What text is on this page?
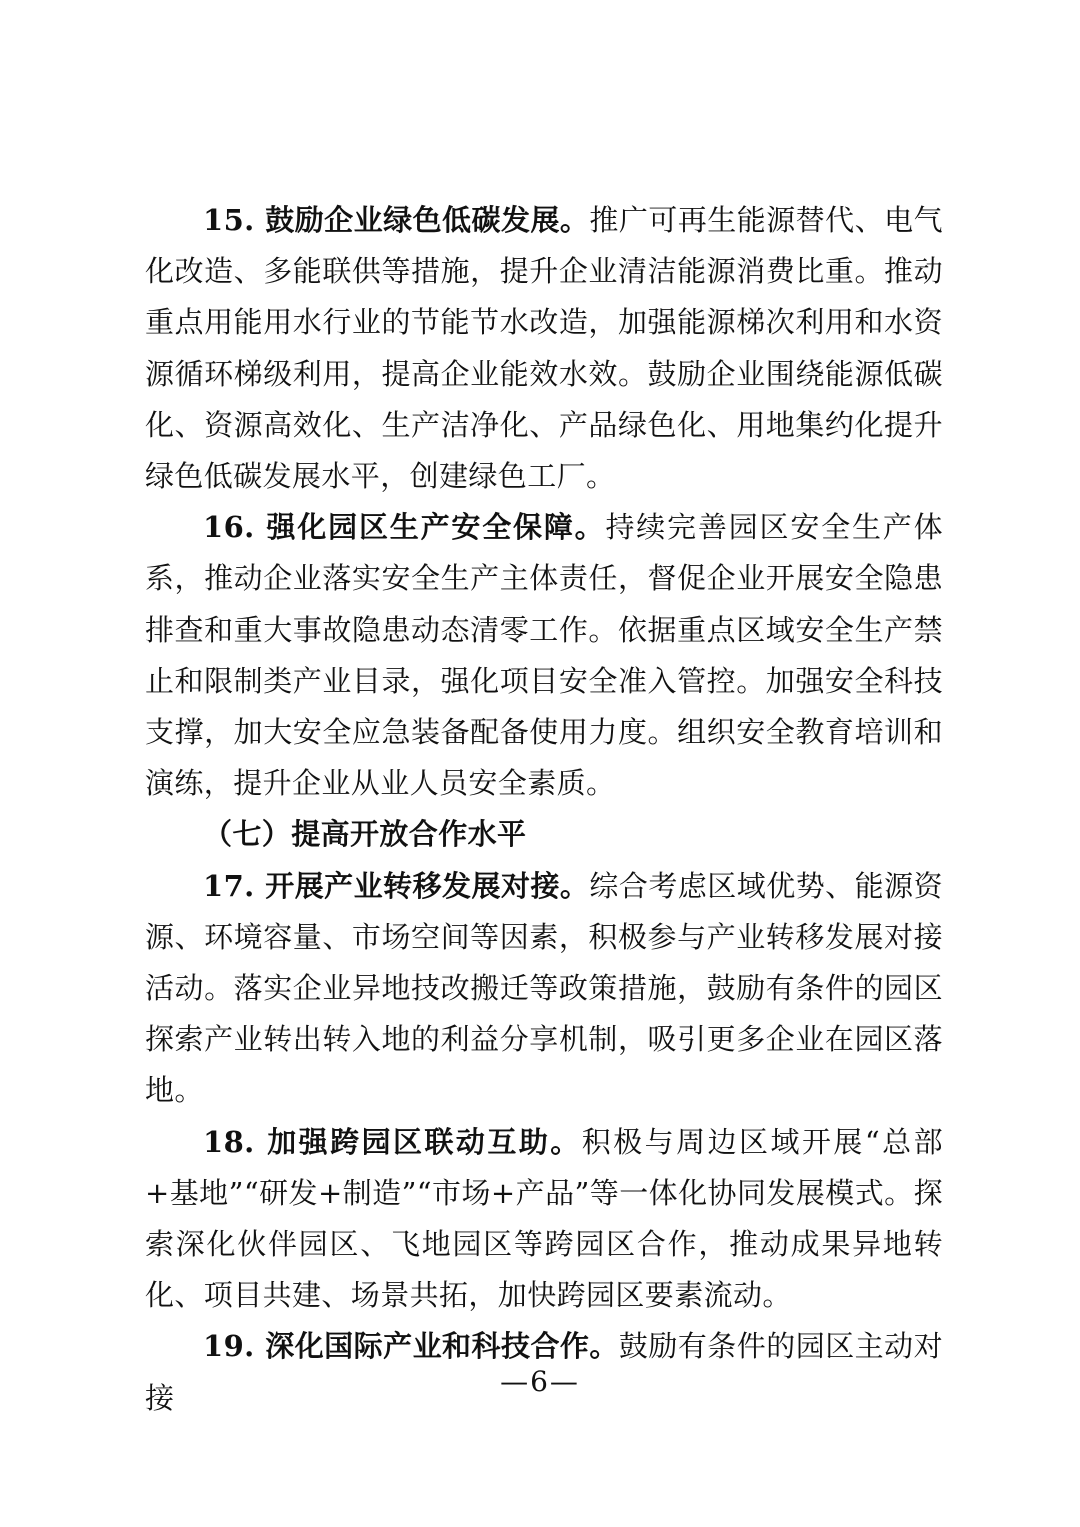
15. 鼓励企业绿色低碳发展。推广可再生能源替代、电气化改造、多能联供等措施，提升企业清洁能源消费比重。推动重点用能用水行业的节能节水改造，加强能源梯次利用和水资源循环梯级利用，提高企业能效水效。鼓励企业围绕能源低碳化、资源高效化、生产洁净化、产品绿色化、用地集约化提升绿色低碳发展水平，创建绿色工厂。

16. 强化园区生产安全保障。持续完善园区安全生产体系，推动企业落实安全生产主体责任，督促企业开展安全隐患排查和重大事故隐患动态清零工作。依据重点区域安全生产禁止和限制类产业目录，强化项目安全准入管控。加强安全科技支撑，加大安全应急装备配备使用力度。组织安全教育培训和演练，提升企业从业人员安全素质。

（七）提高开放合作水平

17. 开展产业转移发展对接。综合考虑区域优势、能源资源、环境容量、市场空间等因素，积极参与产业转移发展对接活动。落实企业异地技改搬迁等政策措施，鼓励有条件的园区探索产业转出转入地的利益分享机制，吸引更多企业在园区落地。

18. 加强跨园区联动互助。积极与周边区域开展“总部+基地”“研发+制造”“市场+产品”等一体化协同发展模式。探索深化伙伴园区、飞地园区等跨园区合作，推动成果异地转化、项目共建、场景共拓，加快跨园区要素流动。

19. 深化国际产业和科技合作。鼓励有条件的园区主动对接	—6—
